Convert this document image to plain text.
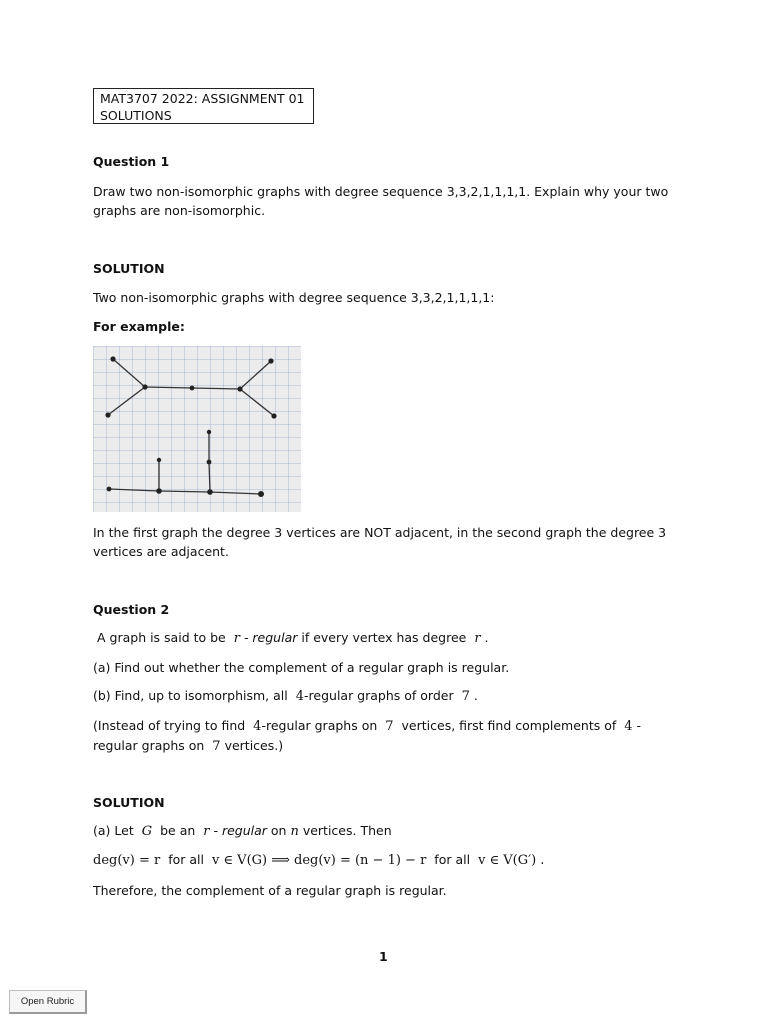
MAT3707 2022: ASSIGNMENT 01
SOLUTIONS
Question 1
Draw two non-isomorphic graphs with degree sequence 3,3,2,1,1,1,1. Explain why your two
graphs are non-isomorphic.
SOLUTION
Two non-isomorphic graphs with degree sequence 3,3,2,1,1,1,1:
For example:
In the first graph the degree 3 vertices are NOT adjacent, in the second graph the degree 3
vertices are adjacent.
Question 2
A graph is said to be r - regular if every vertex has degree r .
(a) Find out whether the complement of a regular graph is regular.
(b) Find, up to isomorphism, all 4-regular graphs of order 7 .
(Instead of trying to find 4-regular graphs on 7 vertices, first find complements of 4 -
regular graphs on 7 vertices.)
SOLUTION
(a) Let G be an r - regular on n vertices. Then
deg(v) = r for all v ∈ V(G) ⟹ deg(v) = (n − 1) − r for all v ∈ V(G′) .
Therefore, the complement of a regular graph is regular.
1
Open Rubric
